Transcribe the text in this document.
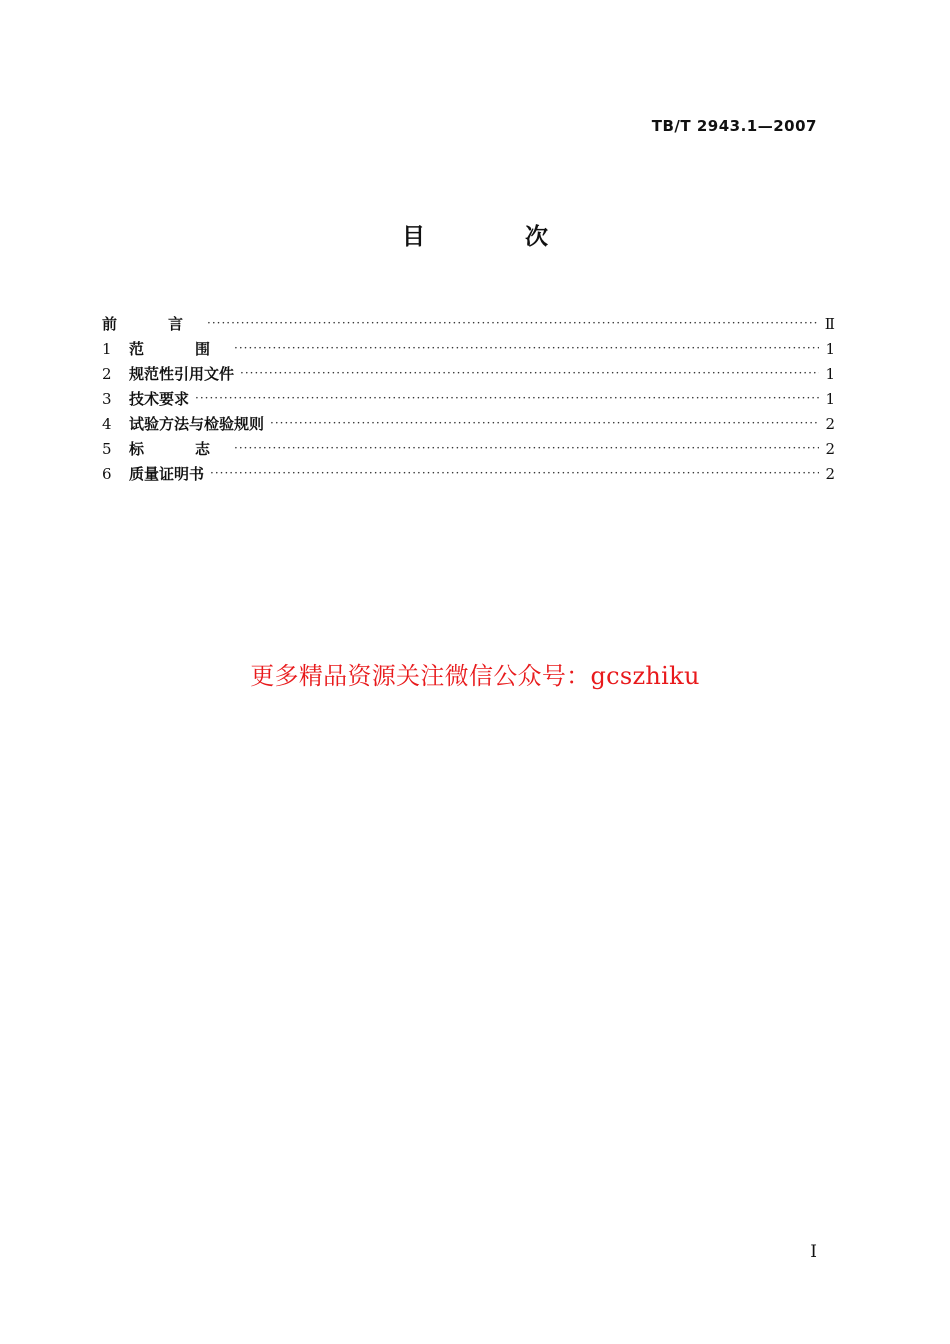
TB/T 2943.1—2007
目 次
前　言 ·····	Ⅱ
1	范　围 ·····	1
2	规范性引用文件 ·····	1
3	技术要求 ·····	1
4	试验方法与检验规则 ·····	2
5	标　志 ·····	2
6	质量证明书 ·····	2
更多精品资源关注微信公众号：gcszhiku
I
